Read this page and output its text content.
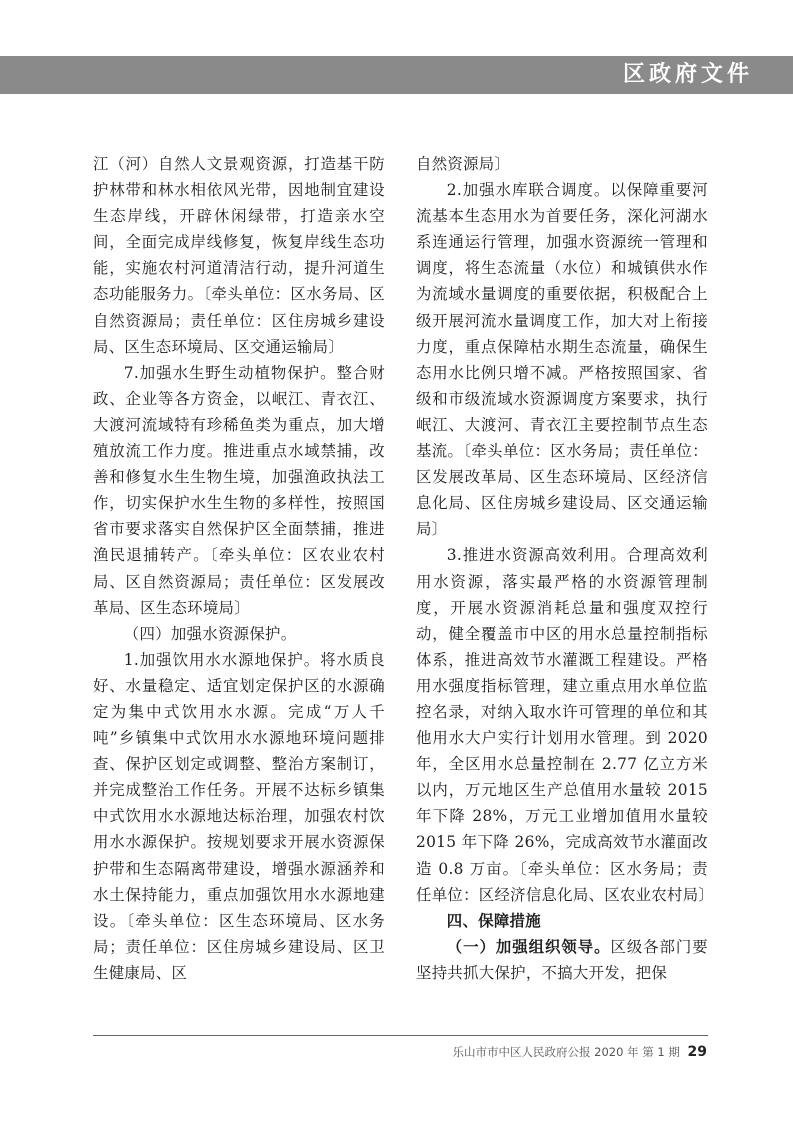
区政府文件

江（河）自然人文景观资源，打造基干防护林带和林水相依风光带，因地制宜建设生态岸线，开辟休闲绿带，打造亲水空间，全面完成岸线修复，恢复岸线生态功能，实施农村河道清洁行动，提升河道生态功能服务力。〔牵头单位：区水务局、区自然资源局；责任单位：区住房城乡建设局、区生态环境局、区交通运输局〕

7.加强水生野生动植物保护。整合财政、企业等各方资金，以岷江、青衣江、大渡河流域特有珍稀鱼类为重点，加大增殖放流工作力度。推进重点水域禁捕，改善和修复水生生物生境，加强渔政执法工作，切实保护水生生物的多样性，按照国省市要求落实自然保护区全面禁捕，推进渔民退捕转产。〔牵头单位：区农业农村局、区自然资源局；责任单位：区发展改革局、区生态环境局〕

（四）加强水资源保护。

1.加强饮用水水源地保护。将水质良好、水量稳定、适宜划定保护区的水源确定为集中式饮用水水源。完成“万人千吨”乡镇集中式饮用水水源地环境问题排查、保护区划定或调整、整治方案制订，并完成整治工作任务。开展不达标乡镇集中式饮用水水源地达标治理，加强农村饮用水水源保护。按规划要求开展水资源保护带和生态隔离带建设，增强水源涵养和水土保持能力，重点加强饮用水水源地建设。〔牵头单位：区生态环境局、区水务局；责任单位：区住房城乡建设局、区卫生健康局、区

自然资源局〕

2.加强水库联合调度。以保障重要河流基本生态用水为首要任务，深化河湖水系连通运行管理，加强水资源统一管理和调度，将生态流量（水位）和城镇供水作为流域水量调度的重要依据，积极配合上级开展河流水量调度工作，加大对上衔接力度，重点保障枯水期生态流量，确保生态用水比例只增不减。严格按照国家、省级和市级流域水资源调度方案要求，执行岷江、大渡河、青衣江主要控制节点生态基流。〔牵头单位：区水务局；责任单位：区发展改革局、区生态环境局、区经济信息化局、区住房城乡建设局、区交通运输局〕

3.推进水资源高效利用。合理高效利用水资源，落实最严格的水资源管理制度，开展水资源消耗总量和强度双控行动，健全覆盖市中区的用水总量控制指标体系，推进高效节水灌溉工程建设。严格用水强度指标管理，建立重点用水单位监控名录，对纳入取水许可管理的单位和其他用水大户实行计划用水管理。到 2020 年，全区用水总量控制在 2.77 亿立方米以内，万元地区生产总值用水量较 2015 年下降 28%，万元工业增加值用水量较 2015 年下降 26%，完成高效节水灌面改造 0.8 万亩。〔牵头单位：区水务局；责任单位：区经济信息化局、区农业农村局〕

四、保障措施

（一）加强组织领导。区级各部门要坚持共抓大保护，不搞大开发，把保

乐山市市中区人民政府公报 2020 年 第 1 期 29
